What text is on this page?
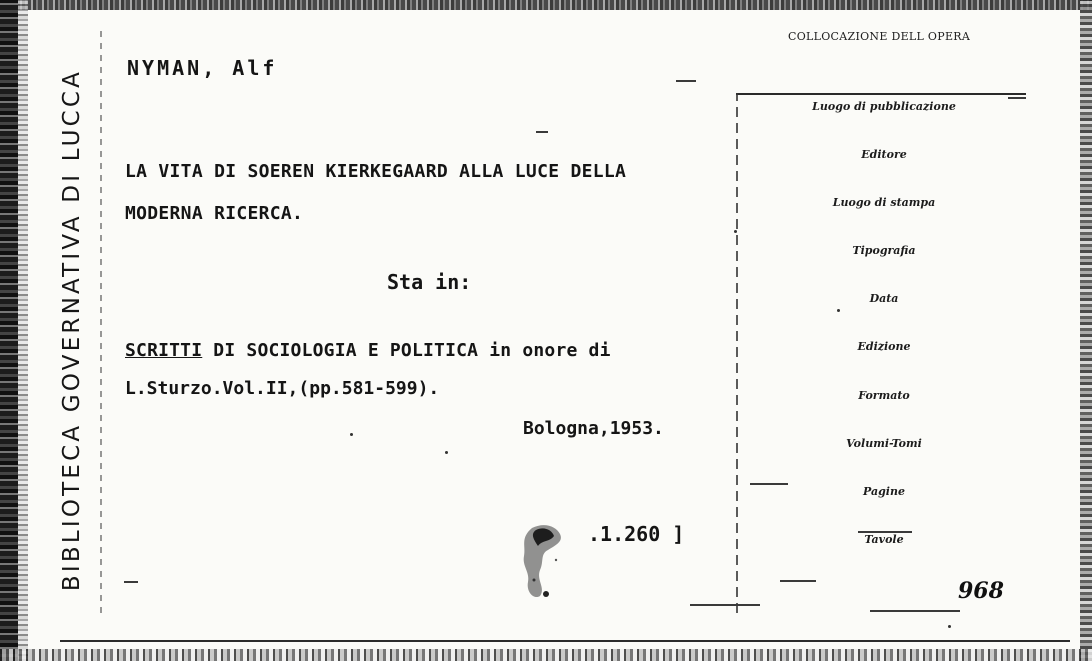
BIBLIOTECA GOVERNATIVA DI LUCCA
NYMAN, Alf
LA VITA DI SOEREN KIERKEGAARD ALLA LUCE DELLA
MODERNA RICERCA.
Sta in:
SCRITTI DI SOCIOLOGIA E POLITICA in onore di
L.Sturzo.Vol.II,(pp.581-599).
Bologna,1953.
.1.260 ]
COLLOCAZIONE DELL OPERA
Luogo di pubblicazione
Editore
Luogo di stampa
Tipografia
Data
Edizione
Formato
Volumi-Tomi
Pagine
Tavole
968
